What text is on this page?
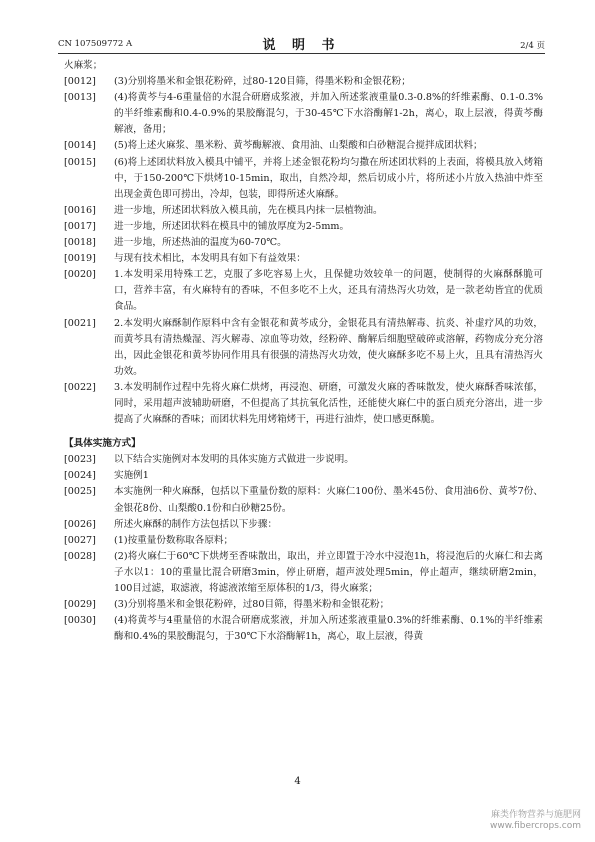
CN 107509772 A	说 明 书	2/4 页
火麻浆；
[0012] (3)分别将墨米和金银花粉碎，过80-120目筛，得墨米粉和金银花粉；
[0013] (4)将黄芩与4-6重量倍的水混合研磨成浆液，并加入所述浆液重量0.3-0.8%的纤维素酶、0.1-0.3%的半纤维素酶和0.4-0.9%的果胶酶混匀，于30-45℃下水浴酶解1-2h，离心，取上层液，得黄芩酶解液，备用；
[0014] (5)将上述火麻浆、墨米粉、黄芩酶解液、食用油、山梨酸和白砂糖混合搅拌成团状料；
[0015] (6)将上述团状料放入模具中铺平，并将上述金银花粉均匀撒在所述团状料的上表面，将模具放入烤箱中，于150-200℃下烘烤10-15min，取出，自然冷却，然后切成小片，将所述小片放入热油中炸至出现金黄色即可捞出，冷却，包装，即得所述火麻酥。
[0016] 进一步地，所述团状料放入模具前，先在模具内抹一层植物油。
[0017] 进一步地，所述团状料在模具中的铺放厚度为2-5mm。
[0018] 进一步地，所述热油的温度为60-70℃。
[0019] 与现有技术相比，本发明具有如下有益效果：
[0020] 1.本发明采用特殊工艺，克服了多吃容易上火，且保健功效较单一的问题，使制得的火麻酥酥脆可口，营养丰富，有火麻特有的香味，不但多吃不上火，还具有清热泻火功效，是一款老幼皆宜的优质食品。
[0021] 2.本发明火麻酥制作原料中含有金银花和黄芩成分，金银花具有清热解毒、抗炎、补虚疗风的功效，而黄芩具有清热燥湿、泻火解毒、凉血等功效，经粉碎、酶解后细胞壁破碎或溶解，药物成分充分溶出，因此金银花和黄芩协同作用具有很强的清热泻火功效，使火麻酥多吃不易上火，且具有清热泻火功效。
[0022] 3.本发明制作过程中先将火麻仁烘烤，再浸泡、研磨，可激发火麻的香味散发，使火麻酥香味浓郁，同时，采用超声波辅助研磨，不但提高了其抗氧化活性，还能使火麻仁中的蛋白质充分溶出，进一步提高了火麻酥的香味；而团状料先用烤箱烤干，再进行油炸，使口感更酥脆。
【具体实施方式】
[0023] 以下结合实施例对本发明的具体实施方式做进一步说明。
[0024] 实施例1
[0025] 本实施例一种火麻酥，包括以下重量份数的原料：火麻仁100份、墨米45份、食用油6份、黄芩7份、金银花8份、山梨酸0.1份和白砂糖25份。
[0026] 所述火麻酥的制作方法包括以下步骤：
[0027] (1)按重量份数称取各原料；
[0028] (2)将火麻仁于60℃下烘烤至香味散出，取出，并立即置于冷水中浸泡1h，将浸泡后的火麻仁和去离子水以1：10的重量比混合研磨3min，停止研磨，超声波处理5min，停止超声，继续研磨2min，100目过滤，取滤液，将滤液浓缩至原体积的1/3，得火麻浆；
[0029] (3)分别将墨米和金银花粉碎，过80目筛，得墨米粉和金银花粉；
[0030] (4)将黄芩与4重量倍的水混合研磨成浆液，并加入所述浆液重量0.3%的纤维素酶、0.1%的半纤维素酶和0.4%的果胶酶混匀，于30℃下水浴酶解1h，离心，取上层液，得黄
4
麻类作物营养与施肥网
www.fibercrops.com
